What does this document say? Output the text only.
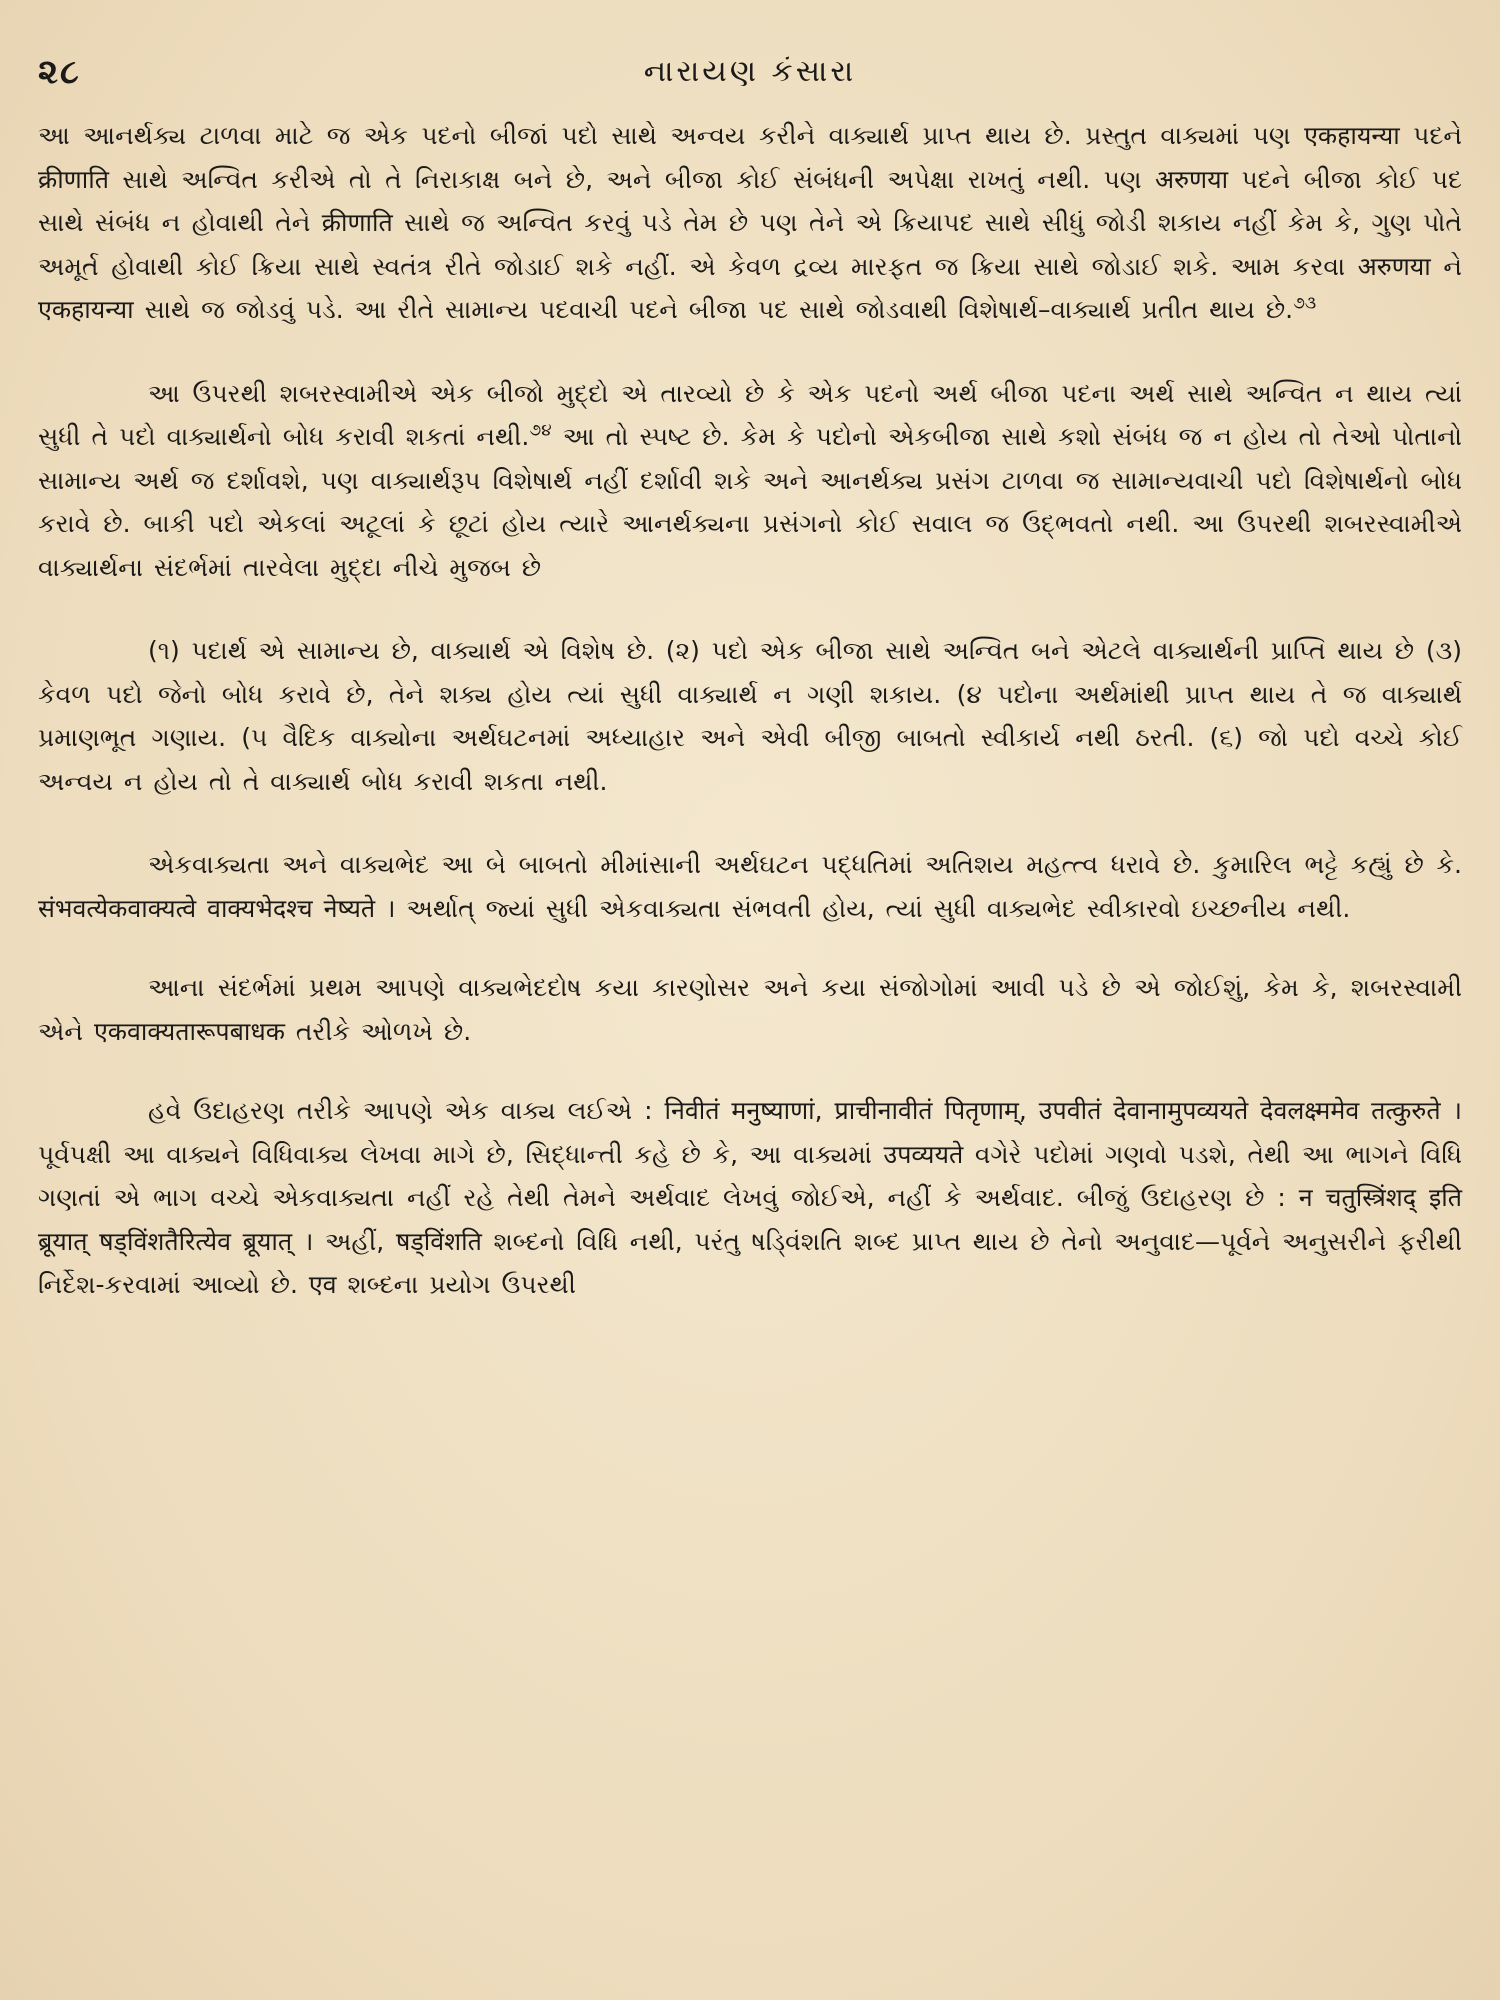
૨૮	નારાયણ કંસારા

આ આનર્થક્ય ટાળવા માટે જ એક પદનો બીજાં પદો સાથે અન્વય કરીને વાક્યાર્થ પ્રાપ્ત થાય છે. પ્રસ્તુત વાક્યમાં પણ एकहायन्या પદને क्रीणाति સાથે અન્વિત કરીએ તો તે નિરાકાક્ષ બને છે, અને બીજા કોઈ સંબંધની અપેક્ષા રાખતું નથી. પણ अरुणया પદને બીજા કોઈ પદ સાથે સંબંધ ન હોવાથી તેને क्रीणाति સાથે જ અન્વિત કરવું પડે તેમ છે પણ તેને એ ક્રિયાપદ સાથે સીધું જોડી શકાય નહીં કેમ કે, ગુણ પોતે અમૂર્ત હોવાથી કોઈ ક્રિયા સાથે સ્વતંત્ર રીતે જોડાઈ શકે નહીં. એ કેવળ દ્રવ્ય મારફત જ ક્રિયા સાથે જોડાઈ શકે. આમ કરવા अरुणया ને एकहायन्या સાથે જ જોડવું પડે. આ રીતે સામાન્ય પદવાચી પદને બીજા પદ સાથે જોડવાથી વિશેષાર્થ–વાક્યાર્થ પ્રતીત થાય છે.$^{૭૩}$

આ ઉપરથી શબરસ્વામીએ એક બીજો મુદ્દો એ તારવ્યો છે કે એક પદનો અર્થ બીજા પદના અર્થ સાથે અન્વિત ન થાય ત્યાં સુધી તે પદો વાક્યાર્થનો બોધ કરાવી શકતાં નથી.$^{૭૪}$ આ તો સ્પષ્ટ છે. કેમ કે પદોનો એકબીજા સાથે કશો સંબંધ જ ન હોય તો તેઓ પોતાનો સામાન્ય અર્થ જ દર્શાવશે, પણ વાક્યાર્થરૂપ વિશેષાર્થ નહીં દર્શાવી શકે અને આનર્થક્ય પ્રસંગ ટાળવા જ સામાન્યવાચી પદો વિશેષાર્થનો બોધ કરાવે છે. બાકી પદો એકલાં અટૂલાં કે છૂટાં હોય ત્યારે આનર્થક્યના પ્રસંગનો કોઈ સવાલ જ ઉદ્ભવતો નથી. આ ઉપરથી શબરસ્વામીએ વાક્યાર્થના સંદર્ભમાં તારવેલા મુદ્દા નીચે મુજબ છે

(૧) પદાર્થ એ સામાન્ય છે, વાક્યાર્થ એ વિશેષ છે. (૨) પદો એક બીજા સાથે અન્વિત બને એટલે વાક્યાર્થની પ્રાપ્તિ થાય છે (૩) કેવળ પદો જેનો બોધ કરાવે છે, તેને શક્ય હોય ત્યાં સુધી વાક્યાર્થ ન ગણી શકાય. (૪ પદોના અર્થમાંથી પ્રાપ્ત થાય તે જ વાક્યાર્થ પ્રમાણભૂત ગણાય. (૫ વૈદિક વાક્યોના અર્થઘટનમાં અધ્યાહાર અને એવી બીજી બાબતો સ્વીકાર્ય નથી ઠરતી. (૬) જો પદો વચ્ચે કોઈ અન્વય ન હોય તો તે વાક્યાર્થ બોધ કરાવી શકતા નથી.

એકવાક્યતા અને વાક્યભેદ આ બે બાબતો મીમાંસાની અર્થઘટન પદ્ધતિમાં અતિશય મહત્ત્વ ધરાવે છે. કુમારિલ ભટ્ટે કહ્યું છે કે. संभवत्येकवाक्यत्वे वाक्यभेदश्च नेष्यते । અર્થાત્ જ્યાં સુધી એકવાક્યતા સંભવતી હોય, ત્યાં સુધી વાક્યભેદ સ્વીકારવો ઇચ્છનીય નથી.

આના સંદર્ભમાં પ્રથમ આપણે વાક્યભેદદોષ કયા કારણોસર અને કયા સંજોગોમાં આવી પડે છે એ જોઈશું, કેમ કે, શબરસ્વામી એને एकवाक्यतारूपबाधक તરીકે ઓળખે છે.

હવે ઉદાહરણ તરીકે આપણે એક વાક્ય લઈએ : निवीतं मनुष्याणां, प्राचीनावीतं पितृणाम्, उपवीतं देवानामुपव्ययते देवलक्ष्ममेव तत्कुरुते । પૂર્વપક્ષી આ વાક્યને વિધિવાક્ય લેખવા માગે છે, સિદ્ધાન્તી કહે છે કે, આ વાક્યમાં उपव्ययते વગેરે પદોમાં ગણવો પડશે, તેથી આ ભાગને વિધિ ગણતાં એ ભાગ વચ્ચે એકવાક્યતા નહીં રહે તેથી તેમને અર્થવાદ લેખવું જોઈએ, નહીં કે અર્થવાદ. બીજું ઉદાહરણ છે : न चतुस्त्रिंशद् इति ब्रूयात् षड्विंशतैरित्येव ब्रूयात् । અહીં, षड्विंशति શબ્દનો વિધિ નથી, પરંતુ ષડ્વિંશતિ શબ્દ પ્રાપ્ત થાય છે તેનો અનુવાદ—પૂર્વને અનુસરીને ફરીથી નિર્દેશ-કરવામાં આવ્યો છે. एव શબ્દના પ્રયોગ ઉપરથી
